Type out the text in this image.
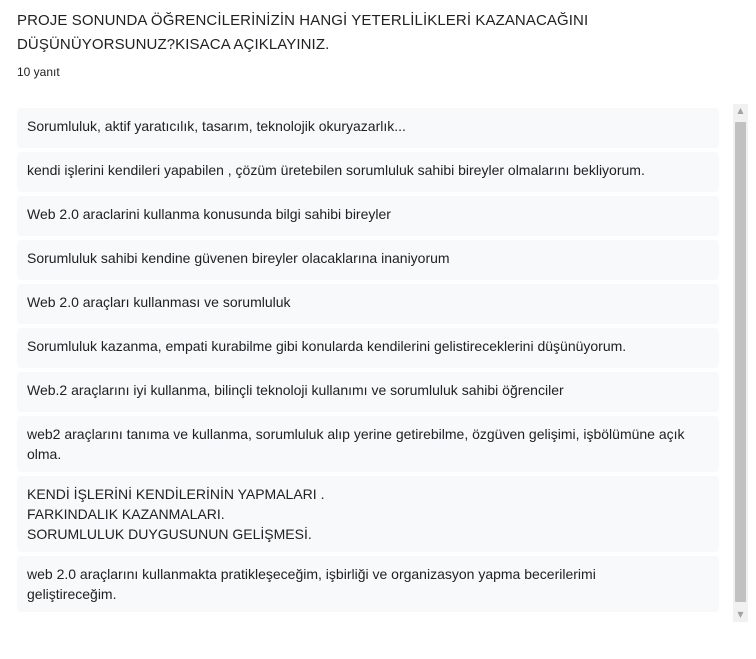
PROJE SONUNDA ÖĞRENCİLERİNİZİN HANGİ YETERLİLİKLERİ KAZANACAĞINI
DÜŞÜNÜYORSUNUZ?KISACA AÇIKLAYINIZ.
10 yanıt
Sorumluluk, aktif yaratıcılık, tasarım, teknolojik okuryazarlık...
kendi işlerini kendileri yapabilen , çözüm üretebilen sorumluluk sahibi bireyler olmalarını bekliyorum.
Web 2.0 araclarini kullanma konusunda bilgi sahibi bireyler
Sorumluluk sahibi kendine güvenen bireyler olacaklarına inaniyorum
Web 2.0 araçları kullanması ve sorumluluk
Sorumluluk kazanma, empati kurabilme gibi konularda kendilerini gelistireceklerini düşünüyorum.
Web.2 araçlarını iyi kullanma, bilinçli teknoloji kullanımı ve sorumluluk sahibi öğrenciler
web2 araçlarını tanıma ve kullanma, sorumluluk alıp yerine getirebilme, özgüven gelişimi, işbölümüne açık
olma.
KENDİ İŞLERİNİ KENDİLERİNİN YAPMALARI .
FARKINDALIK KAZANMALARI.
SORUMLULUK DUYGUSUNUN GELİŞMESİ.
web 2.0 araçlarını kullanmakta pratikleşeceğim, işbirliği ve organizasyon yapma becerilerimi
geliştireceğim.
▲
▼
